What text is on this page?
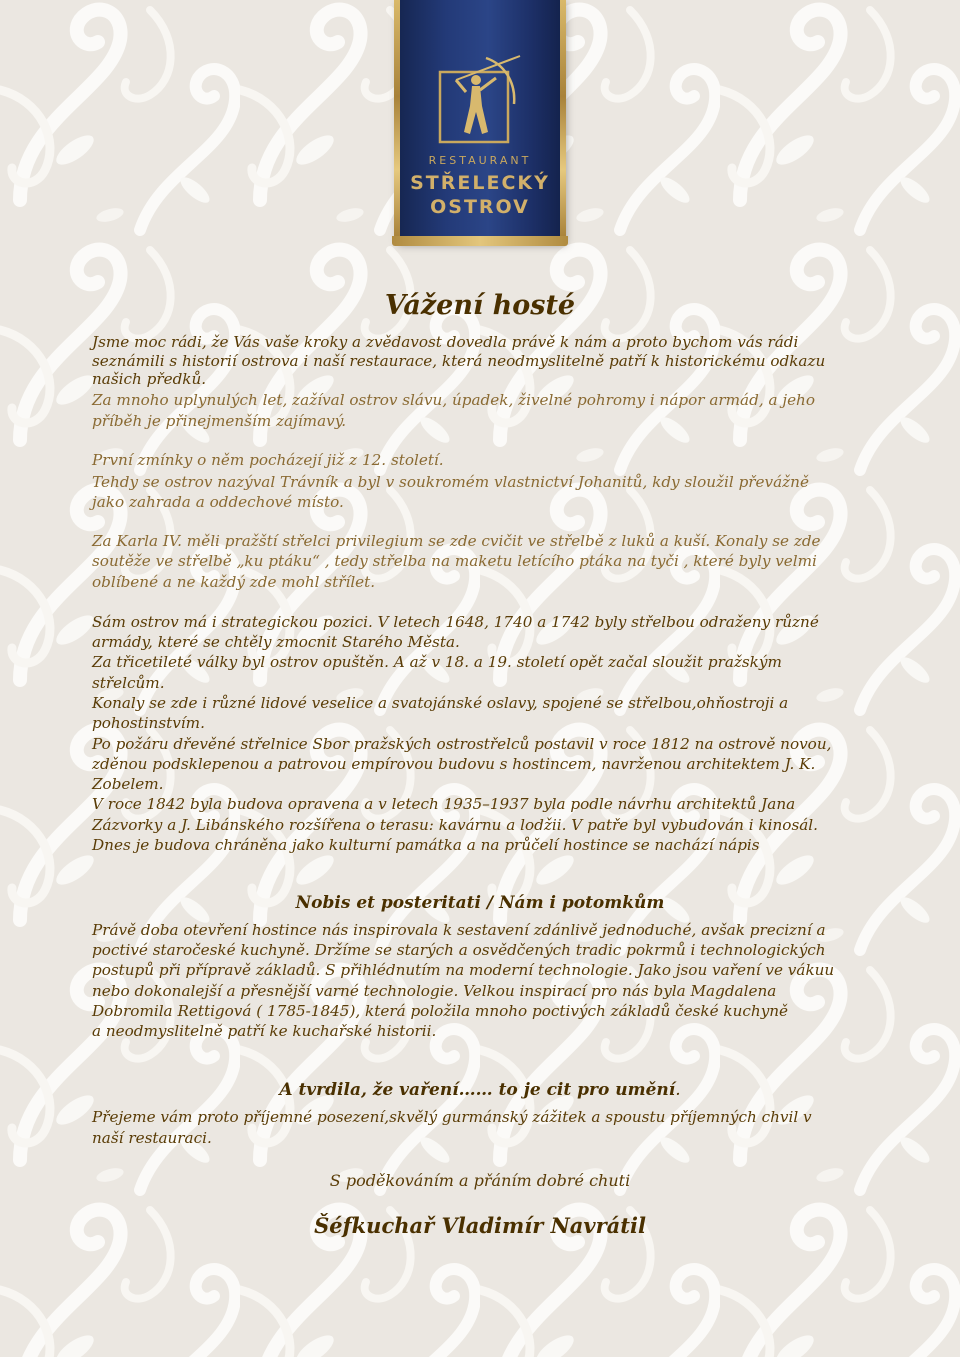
RESTAURANT
STŘELECKÝ
OSTROV
Vážení hosté

Jsme moc rádi, že Vás vaše kroky a zvědavost dovedla právě k nám a proto bychom vás rádi

seznámili s historií ostrova i naší restaurace, která neodmyslitelně patří k historickému odkazu

našich předků.

Za mnoho uplynulých let, zažíval ostrov slávu, úpadek, živelné pohromy i nápor armád, a jeho

příběh je přinejmenším zajímavý.

První zmínky o něm pocházejí již z 12. století.

Tehdy se ostrov nazýval Trávník a byl v soukromém vlastnictví Johanitů, kdy sloužil převážně

jako zahrada a oddechové místo.

Za Karla IV. měli pražští střelci privilegium se zde cvičit ve střelbě z luků a kuší. Konaly se zde

soutěže ve střelbě „ku ptáku“ , tedy střelba na maketu letícího ptáka na tyči , které byly velmi

oblíbené a ne každý zde mohl střílet.

Sám ostrov má i strategickou pozici. V letech 1648, 1740 a 1742 byly střelbou odraženy různé

armády, které se chtěly zmocnit Starého Města.

Za třicetileté války byl ostrov opuštěn. A až v 18. a 19. století opět začal sloužit pražským

střelcům.

Konaly se zde i různé lidové veselice a svatojánské oslavy, spojené se střelbou,ohňostroji a

pohostinstvím.

Po požáru dřevěné střelnice Sbor pražských ostrostřelců postavil v roce 1812 na ostrově novou,

zděnou podsklepenou a patrovou empírovou budovu s hostincem, navrženou architektem J. K.

Zobelem.

V roce 1842 byla budova opravena a v letech 1935–1937 byla podle návrhu architektů Jana

Zázvorky a J. Libánského rozšířena o terasu: kavárnu a lodžii. V patře byl vybudován i kinosál.

Dnes je budova chráněna jako kulturní památka a na průčelí hostince se nachází nápis

Nobis et posteritati / Nám i potomkům

Právě doba otevření hostince nás inspirovala k sestavení zdánlivě jednoduché, avšak precizní a

poctivé staročeské kuchyně. Držíme se starých a osvědčených tradic pokrmů i technologických

postupů při přípravě základů. S přihlédnutím na moderní technologie. Jako jsou vaření ve vákuu

nebo dokonalejší a přesnější varné technologie. Velkou inspirací pro nás byla Magdalena

Dobromila Rettigová ( 1785-1845), která položila mnoho poctivých základů české kuchyně

a neodmyslitelně patří ke kuchařské historii.

A tvrdila, že vaření…… to je cit pro umění.

Přejeme vám proto příjemné posezení,skvělý gurmánský zážitek a spoustu příjemných chvil v

naší restauraci.

S poděkováním a přáním dobré chuti

Šéfkuchař Vladimír Navrátil
